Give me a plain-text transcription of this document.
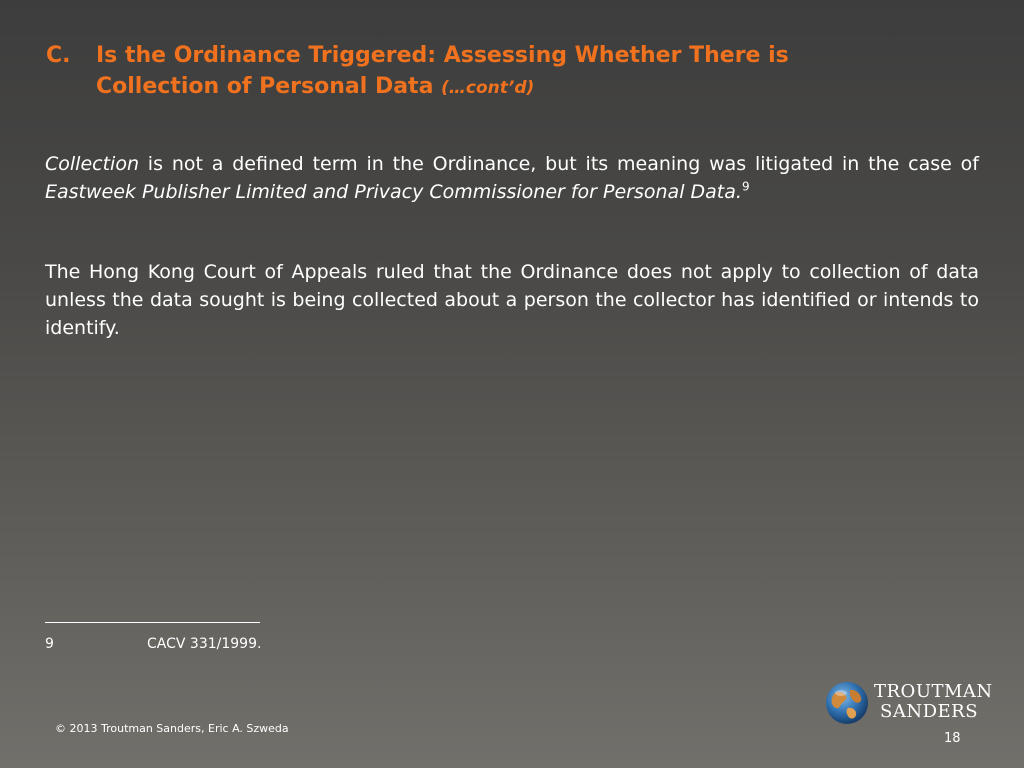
C. Is the Ordinance Triggered: Assessing Whether There is
Collection of Personal Data (…cont’d)

Collection is not a defined term in the Ordinance, but its meaning was litigated in the case of Eastweek Publisher Limited and Privacy Commissioner for Personal Data.$^9$

The Hong Kong Court of Appeals ruled that the Ordinance does not apply to collection of data unless the data sought is being collected about a person the collector has identified or intends to identify.

9	CACV 331/1999.
© 2013 Troutman Sanders, Eric A. Szweda
TROUTMAN
SANDERS
18
